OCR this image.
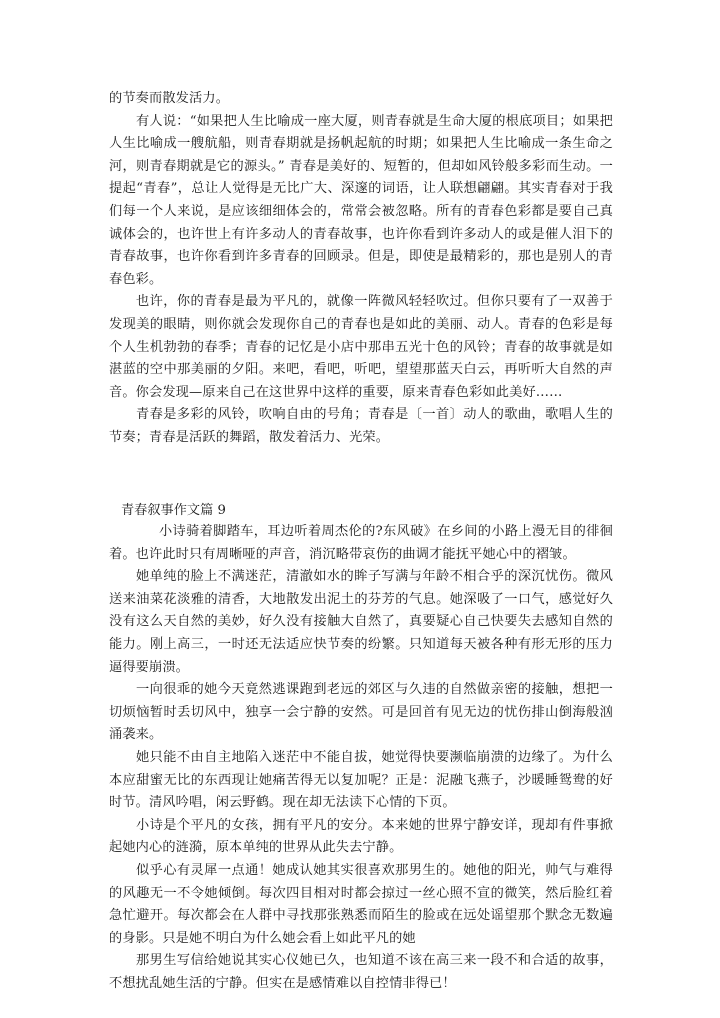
的节奏而散发活力。

有人说：“如果把人生比喻成一座大厦，则青春就是生命大厦的根底项目；如果把人生比喻成一艘航船，则青春期就是扬帆起航的时期；如果把人生比喻成一条生命之河，则青春期就是它的源头。” 青春是美好的、短暂的，但却如风铃般多彩而生动。一提起“青春”，总让人觉得是无比广大、深邃的词语，让人联想翩翩。其实青春对于我们每一个人来说，是应该细细体会的，常常会被忽略。所有的青春色彩都是要自己真诚体会的，也许世上有许多动人的青春故事，也许你看到许多动人的或是催人泪下的青春故事，也许你看到许多青春的回顾录。但是，即使是最精彩的，那也是别人的青春色彩。

也许，你的青春是最为平凡的，就像一阵微风轻轻吹过。但你只要有了一双善于发现美的眼睛，则你就会发现你自己的青春也是如此的美丽、动人。青春的色彩是每个人生机勃勃的春季；青春的记忆是小店中那串五光十色的风铃；青春的故事就是如湛蓝的空中那美丽的夕阳。来吧，看吧，听吧，望望那蓝天白云，再听听大自然的声音。你会发现—原来自己在这世界中这样的重要，原来青春色彩如此美好……

青春是多彩的风铃，吹响自由的号角；青春是〔一首〕动人的歌曲，歌唱人生的节奏；青春是活跃的舞蹈，散发着活力、光荣。

青春叙事作文篇 9

小诗骑着脚踏车，耳边听着周杰伦的?东风破》在乡间的小路上漫无目的徘徊着。也许此时只有周晰哑的声音，消沉略带哀伤的曲调才能抚平她心中的褶皱。

她单纯的脸上不满迷茫，清澈如水的眸子写满与年龄不相合乎的深沉忧伤。微风送来油菜花淡雅的清香，大地散发出泥土的芬芳的气息。她深吸了一口气，感觉好久没有这么天自然的美妙，好久没有接触大自然了，真要疑心自己快要失去感知自然的能力。刚上高三，一时还无法适应快节奏的纷繁。只知道每天被各种有形无形的压力逼得要崩溃。

一向很乖的她今天竟然逃课跑到老远的郊区与久违的自然做亲密的接触，想把一切烦恼暂时丢切风中，独享一会宁静的安然。可是回首有见无边的忧伤排山倒海般汹涌袭来。

她只能不由自主地陷入迷茫中不能自拔，她觉得快要濒临崩溃的边缘了。为什么本应甜蜜无比的东西现让她痛苦得无以复加呢？正是：泥融飞燕子，沙暖睡鸳鸯的好时节。清风吟唱，闲云野鹤。现在却无法读下心情的下页。

小诗是个平凡的女孩，拥有平凡的安分。本来她的世界宁静安详，现却有件事掀起她内心的涟漪，原本单纯的世界从此失去宁静。

似乎心有灵犀一点通！她成认她其实很喜欢那男生的。她他的阳光，帅气与难得的风趣无一不令她倾倒。每次四目相对时都会掠过一丝心照不宣的微笑，然后脸红着急忙避开。每次都会在人群中寻找那张熟悉而陌生的脸或在远处谣望那个默念无数遍的身影。只是她不明白为什么她会看上如此平凡的她

那男生写信给她说其实心仪她已久，也知道不该在高三来一段不和合适的故事，不想扰乱她生活的宁静。但实在是感情难以自控情非得已！
